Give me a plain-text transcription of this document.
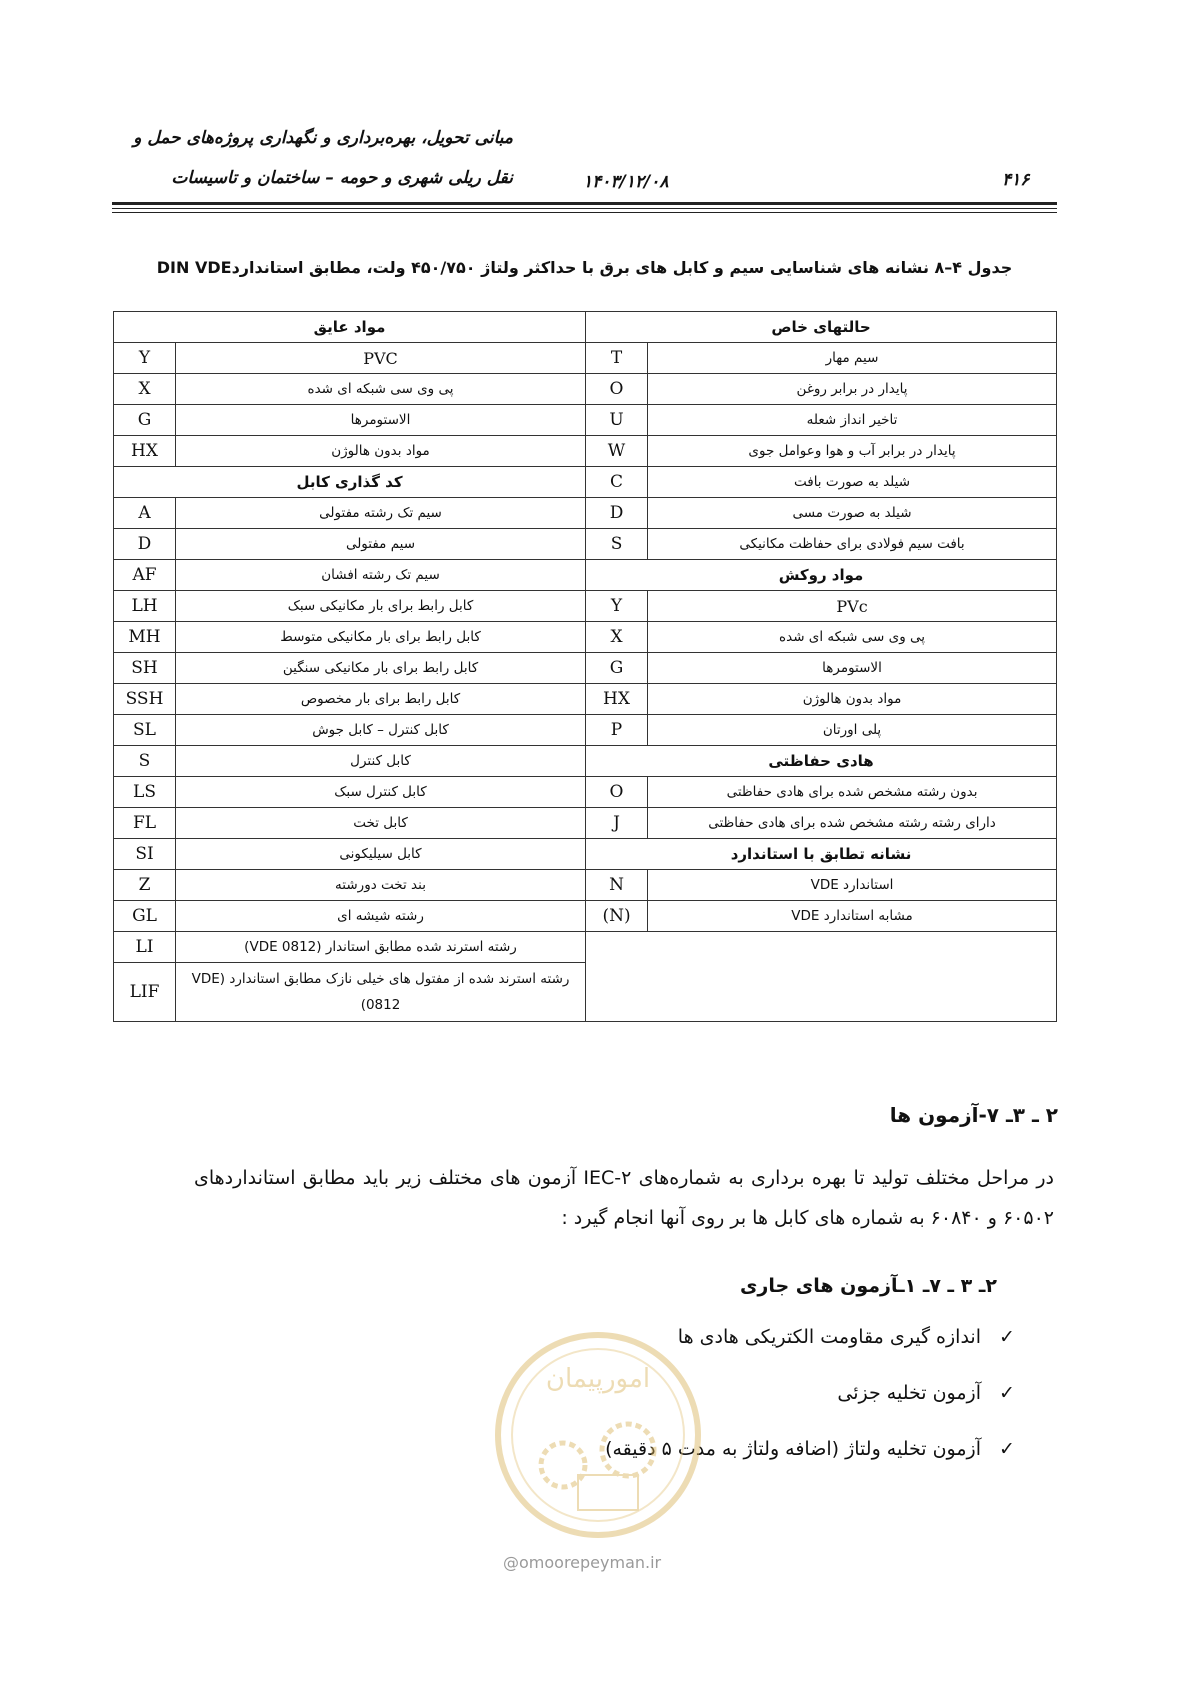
مبانی تحویل، بهره‌برداری و نگهداری پروژه‌های حمل و
نقل ریلی شهری و حومه – ساختمان و تاسیسات	۱۴۰۳/۱۲/۰۸	۴۱۶
جدول ۴–۸ نشانه های شناسایی سیم و کابل های برق با حداکثر ولتاژ ۴۵۰/۷۵۰ ولت، مطابق استانداردDIN VDE
مواد عایق		حالتهای خاص	
Y	PVC	T	سیم مهار
X	پی وی سی شبکه ای شده	O	پایدار در برابر روغن
G	الاستومرها	U	تاخیر انداز شعله
HX	مواد بدون هالوژن	W	پایدار در برابر آب و هوا وعوامل جوی
کد گذاری کابل		C	شیلد به صورت بافت
A	سیم تک رشته مفتولی	D	شیلد به صورت مسی
D	سیم مفتولی	S	بافت سیم فولادی برای حفاظت مکانیکی
AF	سیم تک رشته افشان	مواد روکش	
LH	کابل رابط برای بار مکانیکی سبک	Y	PVc
MH	کابل رابط برای بار مکانیکی متوسط	X	پی وی سی شبکه ای شده
SH	کابل رابط برای بار مکانیکی سنگین	G	الاستومرها
SSH	کابل رابط برای بار مخصوص	HX	مواد بدون هالوژن
SL	کابل کنترل – کابل جوش	P	پلی اورتان
S	کابل کنترل	هادی حفاظتی	
LS	کابل کنترل سبک	O	بدون رشته مشخص شده برای هادی حفاظتی
FL	کابل تخت	J	دارای رشته رشته مشخص شده برای هادی حفاظتی
SI	کابل سیلیکونی	نشانه تطابق با استاندارد	
Z	بند تخت دورشته	N	استاندارد VDE
GL	رشته شیشه ای	(N)	مشابه استاندارد VDE
LI	رشته استرند شده مطابق استاندار (VDE 0812)		
LIF	رشته استرند شده از مفتول های خیلی نازک مطابق استاندارد (VDE 0812)		
۲ ـ ۳ـ ۷-آزمون ها
در مراحل مختلف تولید تا بهره برداری به شماره‌های IEC-۲ آزمون های مختلف زیر باید مطابق استانداردهای ۶۰۵۰۲ و ۶۰۸۴۰ به شماره های کابل ها بر روی آنها انجام گیرد :
۲ـ ۳ ـ ۷ـ ۱ـآزمون های جاری
✓اندازه گیری مقاومت الکتریکی هادی ها
✓آزمون تخلیه جزئی
✓آزمون تخلیه ولتاژ (اضافه ولتاژ به مدت ۵ دقیقه)
امورپیمان
@omoorepeyman.ir
